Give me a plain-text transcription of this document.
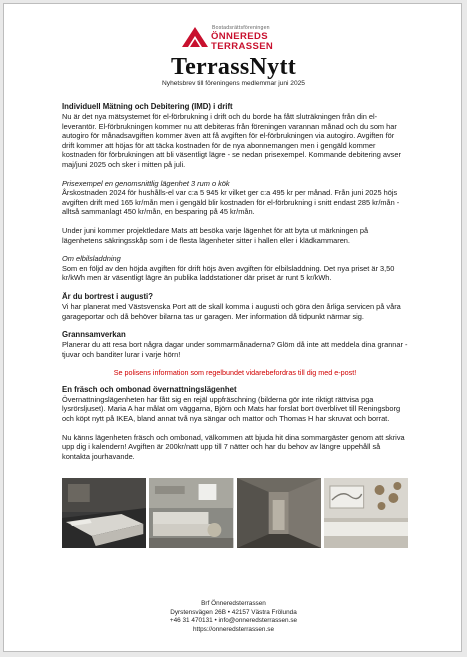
Bostadsrättsföreningen
ÖNNEREDS
TERRASSEN
TerrassNytt
Nyhetsbrev till föreningens medlemmar juni 2025
Individuell Mätning och Debitering (IMD) i drift

Nu är det nya mätsystemet för el-förbrukning i drift och du borde ha fått sluträkningen från din el-leverantör. El-förbrukningen kommer nu att debiteras från föreningen varannan månad och du som har autogiro för månadsavgiften kommer även att få avgiften för el-förbrukningen via autogiro. Avgiften för drift kommer att höjas för att täcka kostnaden för de nya abonnemangen men i gengäld kommer kostnaden för förbrukningen att bli väsentligt lägre - se nedan prisexempel. Kommande debitering avser maj/juni 2025 och sker i mitten på juli.

Prisexempel en genomsnittlig lägenhet 3 rum o kök
Årskostnaden 2024 för hushålls-el var c:a 5 945 kr vilket ger c:a 495 kr per månad. Från juni 2025 höjs avgiften drift med 165 kr/mån men i gengäld blir kostnaden för el-förbrukning i snitt endast 285 kr/mån - alltså sammanlagt 450 kr/mån, en besparing på 45 kr/mån.

Under juni kommer projektledare Mats att besöka varje lägenhet för att byta ut märkningen på lägenhetens säkringsskåp som i de flesta lägenheter sitter i hallen eller i klädkammaren.

Om elbilsladdning
Som en följd av den höjda avgiften för drift höjs även avgiften för elbilsladdning. Det nya priset är 3,50 kr/kWh men är väsentligt lägre än publika laddstationer där priset är runt 5 kr/kWh.

Är du bortrest i augusti?

Vi har planerat med Västsvenska Port att de skall komma i augusti och göra den årliga servicen på våra garageportar och då behöver bilarna tas ur garagen. Mer information då tidpunkt närmar sig.

Grannsamverkan

Planerar du att resa bort några dagar under sommarmånaderna? Glöm då inte att meddela dina grannar - tjuvar och banditer lurar i varje hörn!

Se polisens information som regelbundet vidarebefordras till dig med e-post!
En fräsch och ombonad övernattningslägenhet

Övernattningslägenheten har fått sig en rejäl uppfräschning (bilderna gör inte riktigt rättvisa pga lysrörsljuset). Maria A har målat om väggarna, Björn och Mats har forslat bort överblivet till Reningsborg och köpt nytt på IKEA, bland annat två nya sängar och mattor och Thomas H har skruvat och borrat.

Nu känns lägenheten fräsch och ombonad, välkommen att bjuda hit dina sommargäster genom att skriva upp dig i kalendern! Avgiften är 200kr/natt upp till 7 nätter och har du behov av längre uppehåll så kontakta jourhavande.

Brf Önneredsterrassen
Dyrstensvägen 26B • 42157 Västra Frölunda
+46 31 470131 • info@onneredsterrassen.se
https://onneredsterrassen.se
